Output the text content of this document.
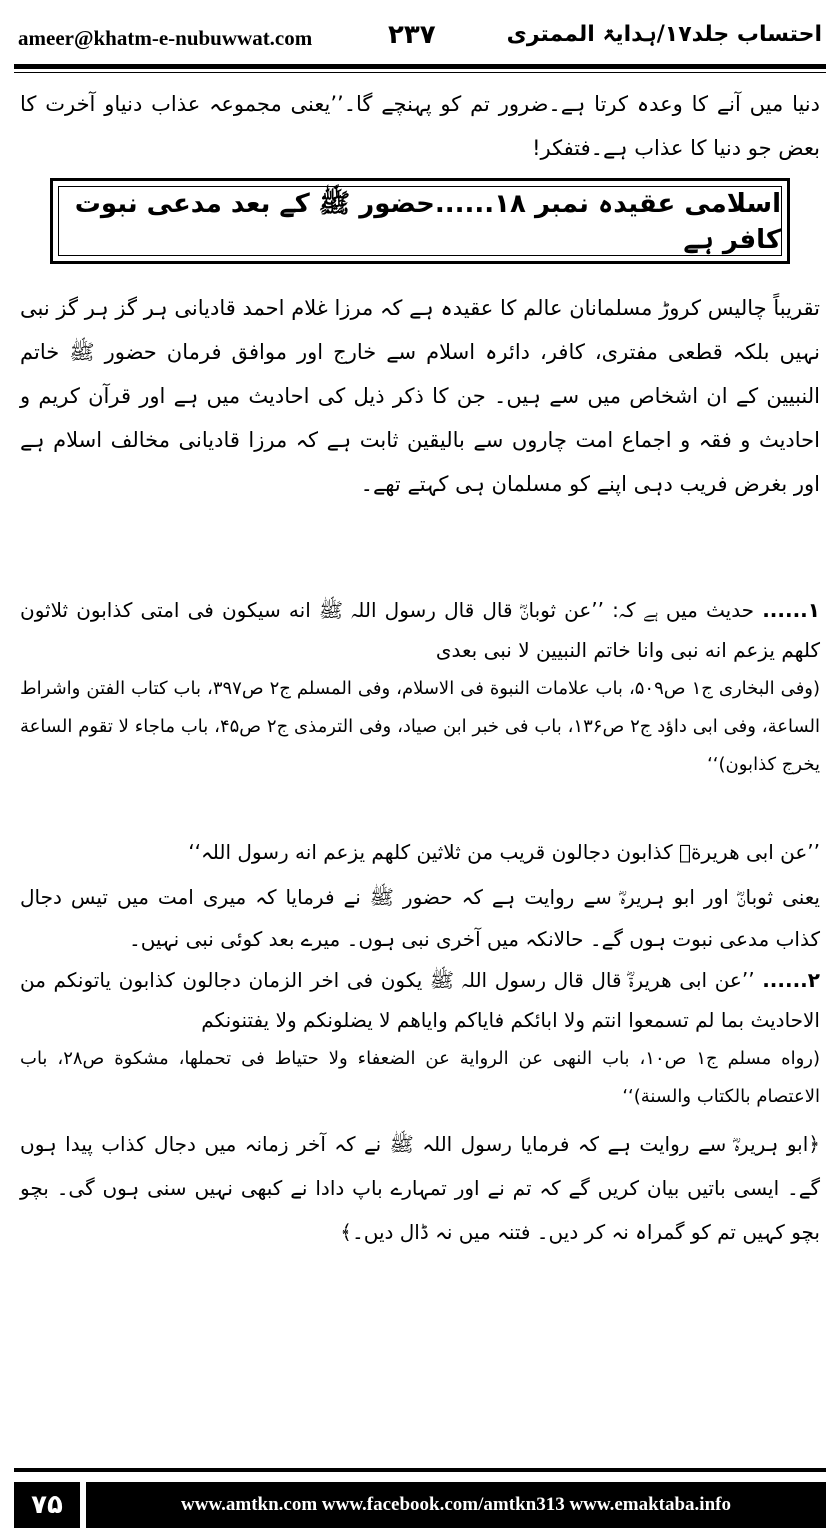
ameer@khatm-e-nubuwwat.com	۲۳۷	احتساب جلد۱۷/ہدایۃ الممتری
دنیا میں آنے کا وعدہ کرتا ہے۔ضرور تم کو پہنچے گا۔’’یعنی مجموعہ عذاب دنیاو آخرت کا بعض جو دنیا کا عذاب ہے۔فتفکر!
اسلامی عقیدہ نمبر ۱۸......حضور ﷺ کے بعد مدعی نبوت کافر ہے
تقریباً چالیس کروڑ مسلمانان عالم کا عقیدہ ہے کہ مرزا غلام احمد قادیانی ہر گز ہر گز نبی نہیں بلکہ قطعی مفتری، کافر، دائرہ اسلام سے خارج اور موافق فرمان حضور ﷺ خاتم النبیین کے ان اشخاص میں سے ہیں۔ جن کا ذکر ذیل کی احادیث میں ہے اور قرآن کریم و احادیث و فقہ و اجماع امت چاروں سے بالیقین ثابت ہے کہ مرزا قادیانی مخالف اسلام ہے اور بغرض فریب دہی اپنے کو مسلمان ہی کہتے تھے۔
۱...... حدیث میں ہے کہ: ’’عن ثوبانؓ قال قال رسول اللہ ﷺ انه سيكون فى امتى كذابون ثلاثون كلهم يزعم انه نبى وانا خاتم النبيين لا نبى بعدى
(وفى البخارى ج۱ ص۵۰۹، باب علامات النبوة فى الاسلام، وفى المسلم ج۲ ص۳۹۷، باب كتاب الفتن واشراط الساعة، وفى ابى داؤد ج۲ ص۱۳۶، باب فى خبر ابن صياد، وفى الترمذى ج۲ ص۴۵، باب ماجاء لا تقوم الساعة يخرج كذابون)‘‘
’’عن ابى هريرةؓ كذابون دجالون قريب من ثلاثين كلهم يزعم انه رسول اللہ‘‘
یعنی ثوبانؓ اور ابو ہریرہؓ سے روایت ہے کہ حضور ﷺ نے فرمایا کہ میری امت میں تیس دجال کذاب مدعی نبوت ہوں گے۔ حالانکہ میں آخری نبی ہوں۔ میرے بعد کوئی نبی نہیں۔
۲...... ’’عن ابى هريرةؓ قال قال رسول اللہ ﷺ يكون فى اخر الزمان دجالون كذابون ياتونكم من الاحاديث بما لم تسمعوا انتم ولا ابائكم فاياكم واياهم لا يضلونكم ولا يفتنونكم
(رواه مسلم ج۱ ص۱۰، باب النهى عن الرواية عن الضعفاء ولا حتياط فى تحملها، مشكوة ص۲۸، باب الاعتصام بالكتاب والسنة)‘‘
﴿ابو ہریرہؓ سے روایت ہے کہ فرمایا رسول اللہ ﷺ نے کہ آخر زمانہ میں دجال کذاب پیدا ہوں گے۔ ایسی باتیں بیان کریں گے کہ تم نے اور تمہارے باپ دادا نے کبھی نہیں سنی ہوں گی۔ بچو بچو کہیں تم کو گمراہ نہ کر دیں۔ فتنہ میں نہ ڈال دیں۔﴾
۷۵	www.amtkn.com www.facebook.com/amtkn313 www.emaktaba.info
